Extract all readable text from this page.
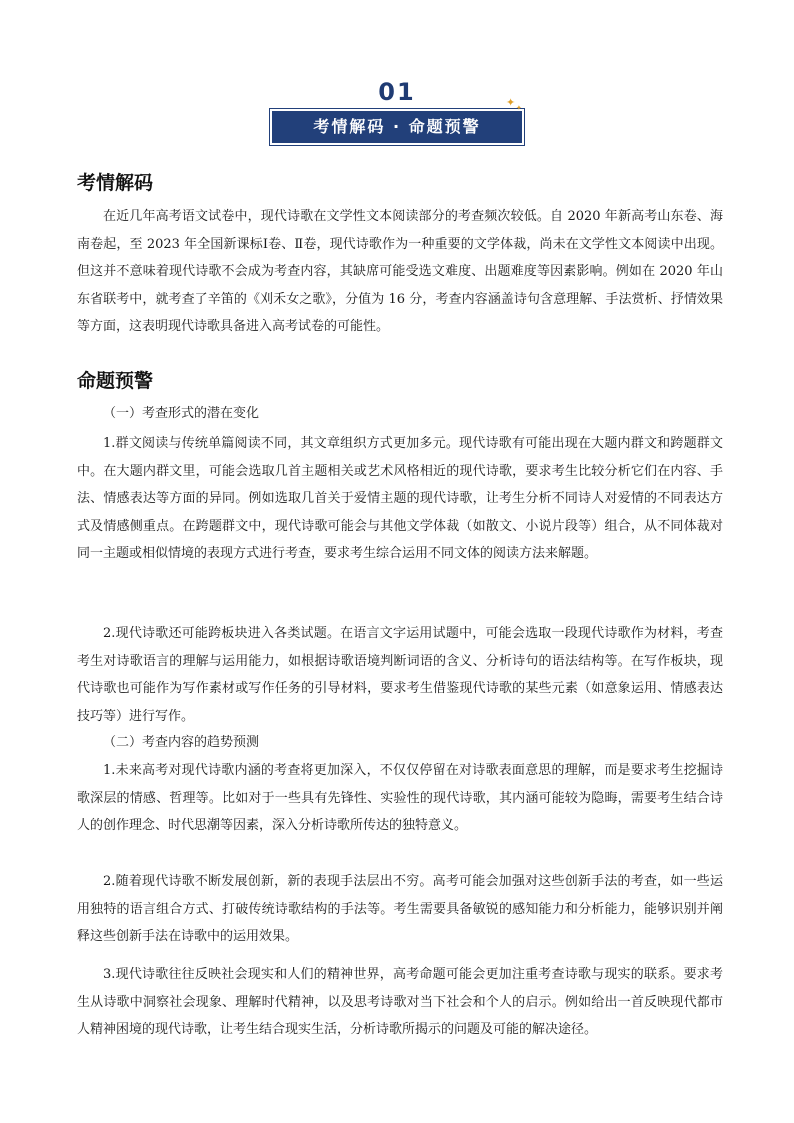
01
考情解码 · 命题预警
✦ ✦
考情解码

在近几年高考语文试卷中，现代诗歌在文学性文本阅读部分的考查频次较低。自 2020 年新高考山东卷、海南卷起，至 2023 年全国新课标Ⅰ卷、Ⅱ卷，现代诗歌作为一种重要的文学体裁，尚未在文学性文本阅读中出现。但这并不意味着现代诗歌不会成为考查内容，其缺席可能受选文难度、出题难度等因素影响。例如在 2020 年山东省联考中，就考查了辛笛的《刈禾女之歌》，分值为 16 分，考查内容涵盖诗句含意理解、手法赏析、抒情效果等方面，这表明现代诗歌具备进入高考试卷的可能性。

命题预警

（一）考查形式的潜在变化

1.群文阅读与传统单篇阅读不同，其文章组织方式更加多元。现代诗歌有可能出现在大题内群文和跨题群文中。在大题内群文里，可能会选取几首主题相关或艺术风格相近的现代诗歌，要求考生比较分析它们在内容、手法、情感表达等方面的异同。例如选取几首关于爱情主题的现代诗歌，让考生分析不同诗人对爱情的不同表达方式及情感侧重点。在跨题群文中，现代诗歌可能会与其他文学体裁（如散文、小说片段等）组合，从不同体裁对同一主题或相似情境的表现方式进行考查，要求考生综合运用不同文体的阅读方法来解题。

2.现代诗歌还可能跨板块进入各类试题。在语言文字运用试题中，可能会选取一段现代诗歌作为材料，考查考生对诗歌语言的理解与运用能力，如根据诗歌语境判断词语的含义、分析诗句的语法结构等。在写作板块，现代诗歌也可能作为写作素材或写作任务的引导材料，要求考生借鉴现代诗歌的某些元素（如意象运用、情感表达技巧等）进行写作。

（二）考查内容的趋势预测

1.未来高考对现代诗歌内涵的考查将更加深入，不仅仅停留在对诗歌表面意思的理解，而是要求考生挖掘诗歌深层的情感、哲理等。比如对于一些具有先锋性、实验性的现代诗歌，其内涵可能较为隐晦，需要考生结合诗人的创作理念、时代思潮等因素，深入分析诗歌所传达的独特意义。

2.随着现代诗歌不断发展创新，新的表现手法层出不穷。高考可能会加强对这些创新手法的考查，如一些运用独特的语言组合方式、打破传统诗歌结构的手法等。考生需要具备敏锐的感知能力和分析能力，能够识别并阐释这些创新手法在诗歌中的运用效果。

3.现代诗歌往往反映社会现实和人们的精神世界，高考命题可能会更加注重考查诗歌与现实的联系。要求考生从诗歌中洞察社会现象、理解时代精神，以及思考诗歌对当下社会和个人的启示。例如给出一首反映现代都市人精神困境的现代诗歌，让考生结合现实生活，分析诗歌所揭示的问题及可能的解决途径。
